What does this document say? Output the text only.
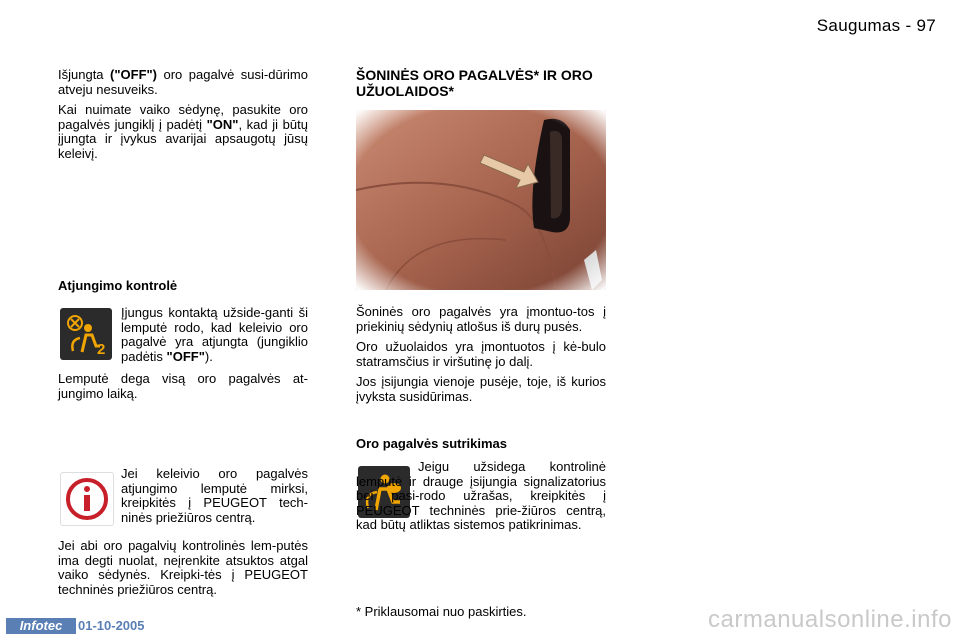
Saugumas - 97

Išjungta ("OFF") oro pagalvė susi-dūrimo atveju nesuveiks.

Kai nuimate vaiko sėdynę, pasukite oro pagalvės jungiklį į padėtį "ON", kad ji būtų įjungta ir įvykus avarijai apsaugotų jūsų keleivį.

Atjungimo kontrolė
2

Įjungus kontaktą užside-ganti ši lemputė rodo, kad keleivio oro pagalvė yra atjungta (jungiklio padėtis "OFF").

Lemputė dega visą oro pagalvės at-jungimo laiką.
Jei keleivio oro pagalvės atjungimo lemputė mirksi, kreipkitės į PEUGEOT tech-ninės priežiūros centrą.
Jei abi oro pagalvių kontrolinės lem-putės ima degti nuolat, neįrenkite atsuktos atgal vaiko sėdynės. Kreipki-tės į PEUGEOT techninės priežiūros centrą.
ŠONINĖS ORO PAGALVĖS* IR ORO UŽUOLAIDOS*

Šoninės oro pagalvės yra įmontuo-tos į priekinių sėdynių atlošus iš durų pusės.

Oro užuolaidos yra įmontuotos į kė-bulo statramsčius ir viršutinę jo dalį.

Jos įsijungia vienoje pusėje, toje, iš kurios įvyksta susidūrimas.

Oro pagalvės sutrikimas
Jeigu užsidega kontrolinė lemputė ir drauge įsijungia signalizatorius bei pasi-rodo užrašas, kreipkitės į PEUGEOT techninės prie-žiūros centrą, kad būtų atliktas sistemos patikrinimas.
* Priklausomai nuo paskirties.
Infotec	01-10-2005	carmanualsonline.info
